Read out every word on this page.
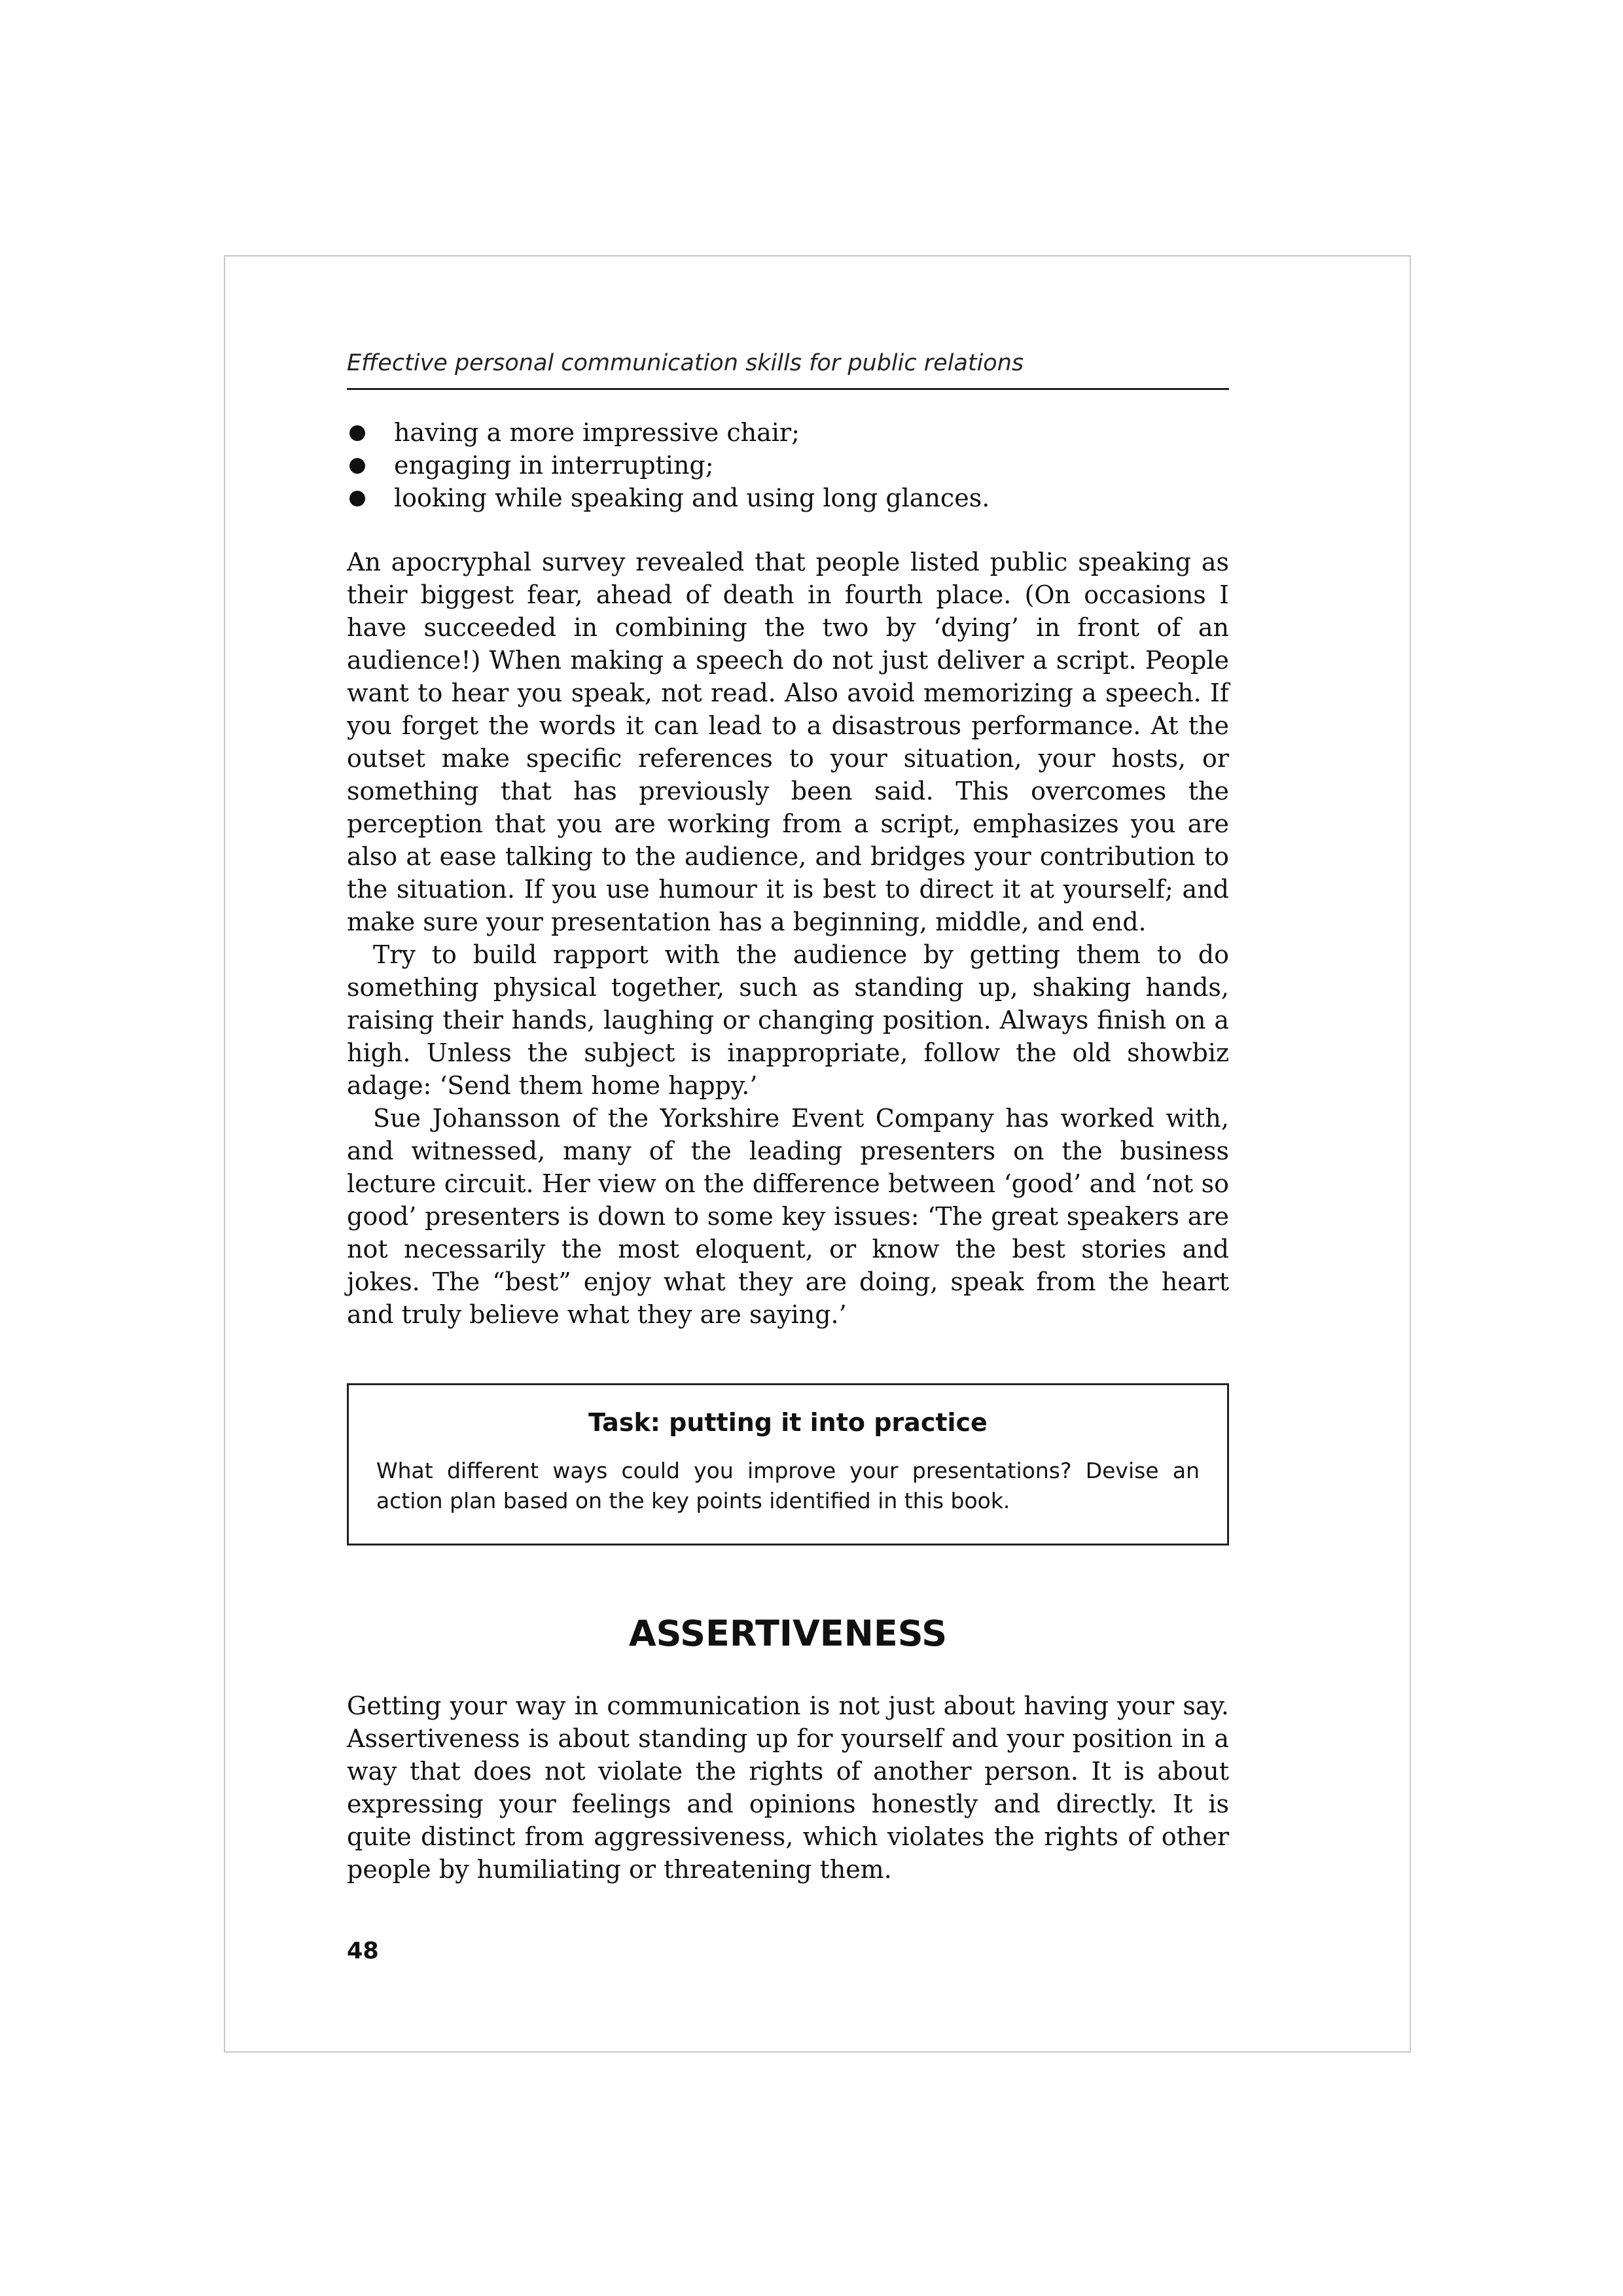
Effective personal communication skills for public relations

having a more impressive chair;
engaging in interrupting;
looking while speaking and using long glances.

An apocryphal survey revealed that people listed public speaking as their biggest fear, ahead of death in fourth place. (On occasions I have succeeded in combining the two by ‘dying’ in front of an audience!) When making a speech do not just deliver a script. People want to hear you speak, not read. Also avoid memorizing a speech. If you forget the words it can lead to a disastrous performance. At the outset make specific references to your situation, your hosts, or something that has previously been said. This overcomes the perception that you are working from a script, emphasizes you are also at ease talking to the audience, and bridges your contribution to the situation. If you use humour it is best to direct it at yourself; and make sure your presentation has a beginning, middle, and end.

Try to build rapport with the audience by getting them to do something physical together, such as standing up, shaking hands, raising their hands, laughing or changing position. Always finish on a high. Unless the subject is inappropriate, follow the old showbiz adage: ‘Send them home happy.’

Sue Johansson of the Yorkshire Event Company has worked with, and witnessed, many of the leading presenters on the business lecture circuit. Her view on the difference between ‘good’ and ‘not so good’ presenters is down to some key issues: ‘The great speakers are not necessarily the most eloquent, or know the best stories and jokes. The “best” enjoy what they are doing, speak from the heart and truly believe what they are saying.’

Task: putting it into practice

What different ways could you improve your presentations? Devise an action plan based on the key points identified in this book.

ASSERTIVENESS

Getting your way in communication is not just about having your say. Assertiveness is about standing up for yourself and your position in a way that does not violate the rights of another person. It is about expressing your feelings and opinions honestly and directly. It is quite distinct from aggressiveness, which violates the rights of other people by humiliating or threatening them.

48
